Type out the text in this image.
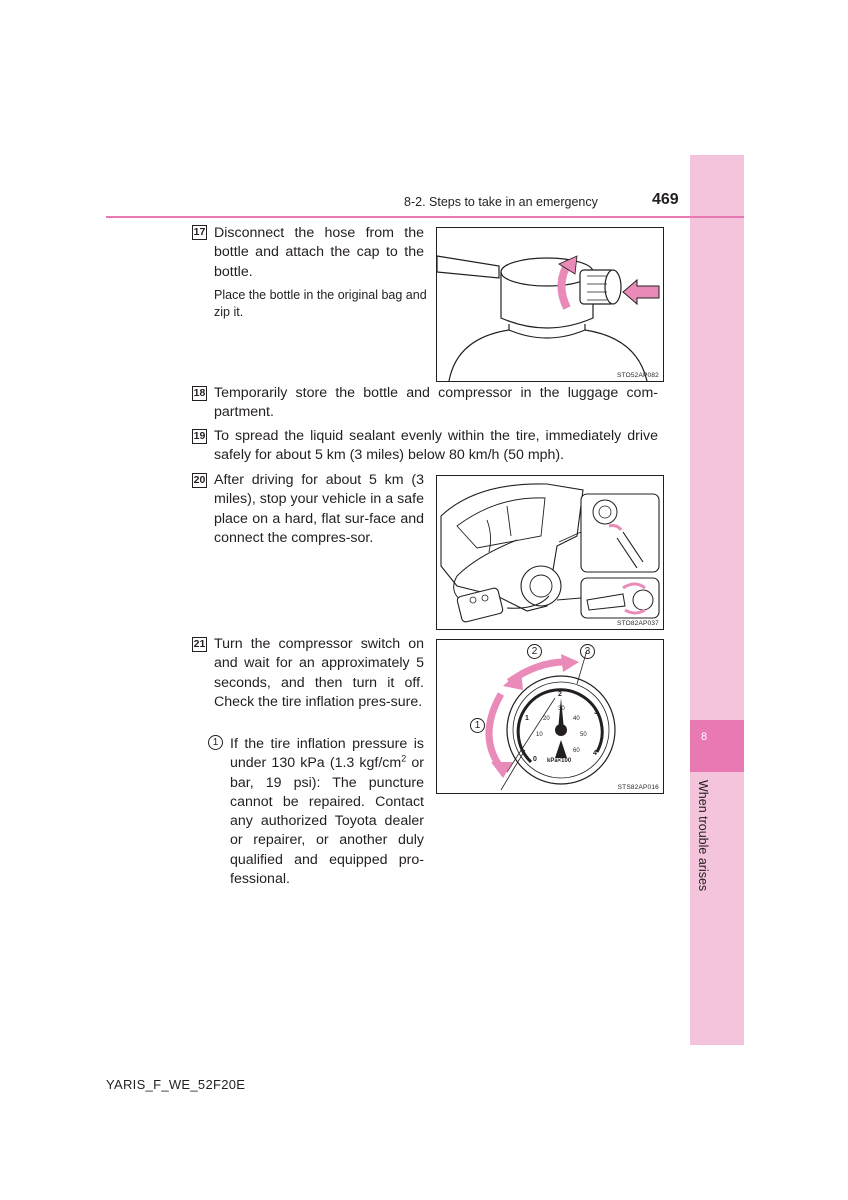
8
When trouble arises
8-2. Steps to take in an emergency	469
17 Disconnect the hose from the bottle and attach the cap to the bottle.
Place the bottle in the original bag and zip it.
STO52AP082
18 Temporarily store the bottle and compressor in the luggage com-partment.
19 To spread the liquid sealant evenly within the tire, immediately drive safely for about 5 km (3 miles) below 80 km/h (50 mph).
20 After driving for about 5 km (3 miles), stop your vehicle in a safe place on a hard, flat sur-face and connect the compres-sor.
STO82AP037
21 Turn the compressor switch on and wait for an approximately 5 seconds, and then turn it off. Check the tire inflation pres-sure.
1 If the tire inflation pressure is under 130 kPa (1.3 kgf/$cm^2$ or bar, 19 psi): The puncture cannot be repaired. Contact any authorized Toyota dealer or repairer, or another duly qualified and equipped pro-fessional.
0
1
2
3
4
10
20
30
40
50
60
kPa×100
1
2	3
STS82AP016
YARIS_F_WE_52F20E
